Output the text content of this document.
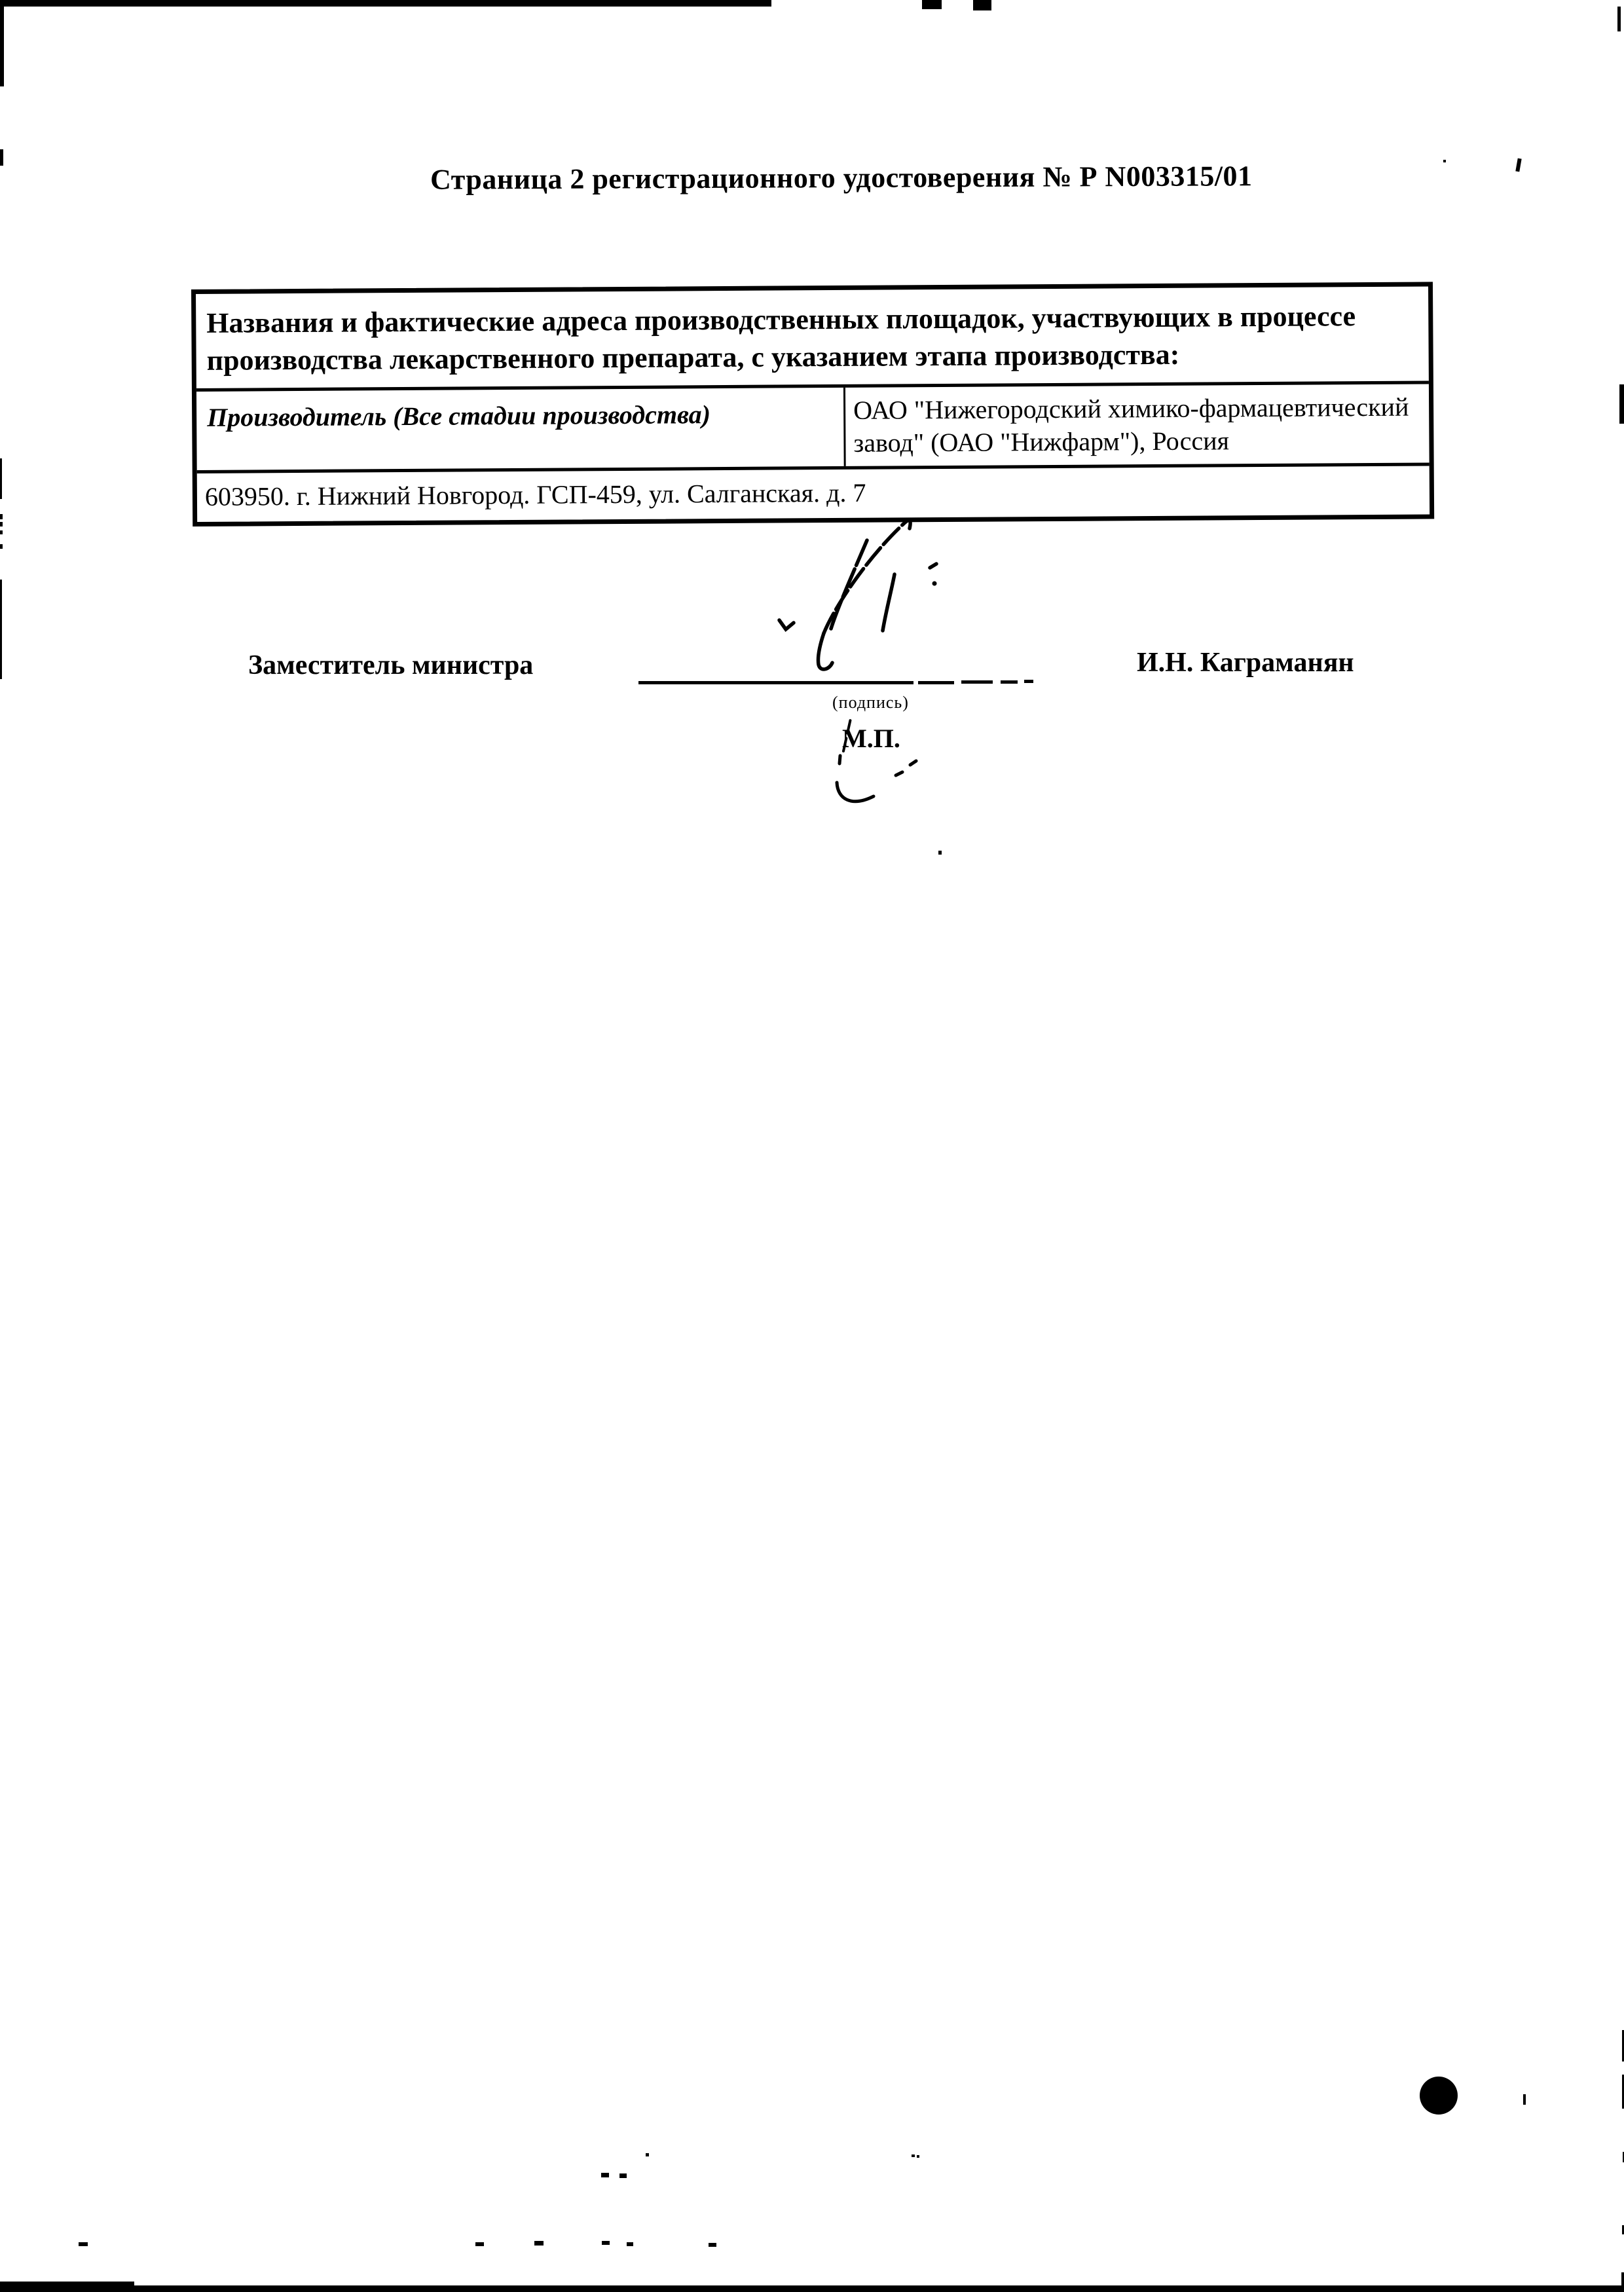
Страница 2 регистрационного удостоверения № Р N003315/01
Названия и фактические адреса производственных площадок, участвующих в процессе
производства лекарственного препарата, с указанием этапа производства:
Производитель (Все стадии производства)	ОАО "Нижегородский химико-фармацевтический
завод" (ОАО "Нижфарм"), Россия
603950. г. Нижний Новгород. ГСП-459, ул. Салганская. д. 7
Заместитель министра	И.Н. Каграманян
(подпись)
М.П.
